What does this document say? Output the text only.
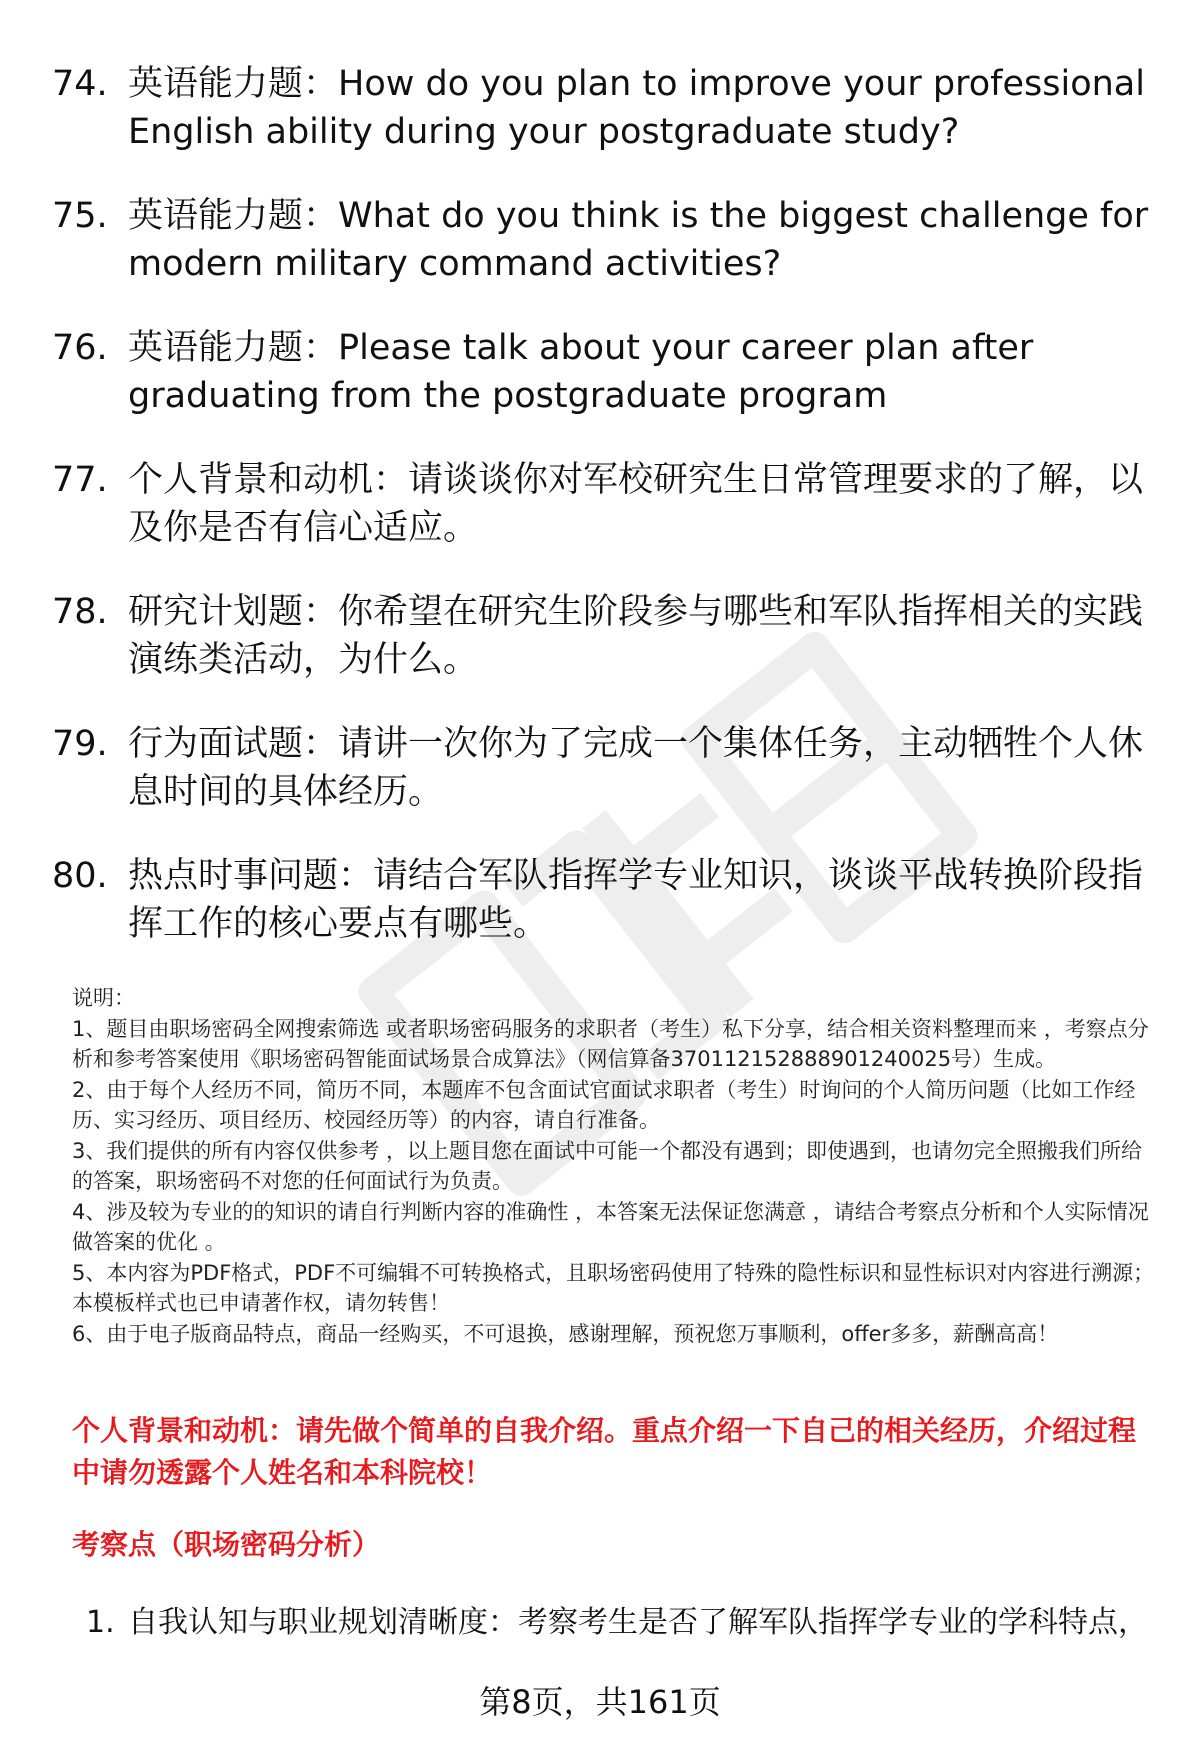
74. 英语能力题：How do you plan to improve your professional English ability during your postgraduate study?
75. 英语能力题：What do you think is the biggest challenge for modern military command activities?
76. 英语能力题：Please talk about your career plan after graduating from the postgraduate program
77. 个人背景和动机：请谈谈你对军校研究生日常管理要求的了解，以及你是否有信心适应。
78. 研究计划题：你希望在研究生阶段参与哪些和军队指挥相关的实践演练类活动，为什么。
79. 行为面试题：请讲一次你为了完成一个集体任务，主动牺牲个人休息时间的具体经历。
80. 热点时事问题：请结合军队指挥学专业知识，谈谈平战转换阶段指挥工作的核心要点有哪些。

说明：

1、题目由职场密码全网搜索筛选 或者职场密码服务的求职者（考生）私下分享，结合相关资料整理而来 ，考察点分析和参考答案使用《职场密码智能面试场景合成算法》（网信算备370112152888901240025号）生成。

2、由于每个人经历不同，简历不同，本题库不包含面试官面试求职者（考生）时询问的个人简历问题（比如工作经历、实习经历、项目经历、校园经历等）的内容，请自行准备。

3、我们提供的所有内容仅供参考 ，以上题目您在面试中可能一个都没有遇到；即使遇到，也请勿完全照搬我们所给的答案，职场密码不对您的任何面试行为负责。

4、涉及较为专业的的知识的请自行判断内容的准确性 ，本答案无法保证您满意 ，请结合考察点分析和个人实际情况做答案的优化 。

5、本内容为PDF格式，PDF不可编辑不可转换格式，且职场密码使用了特殊的隐性标识和显性标识对内容进行溯源；本模板样式也已申请著作权，请勿转售！

6、由于电子版商品特点，商品一经购买，不可退换，感谢理解，预祝您万事顺利，offer多多，薪酬高高！

个人背景和动机：请先做个简单的自我介绍。重点介绍一下自己的相关经历，介绍过程中请勿透露个人姓名和本科院校！

考察点（职场密码分析）

1. 自我认知与职业规划清晰度：考察考生是否了解军队指挥学专业的学科特点，
第8页，共161页
